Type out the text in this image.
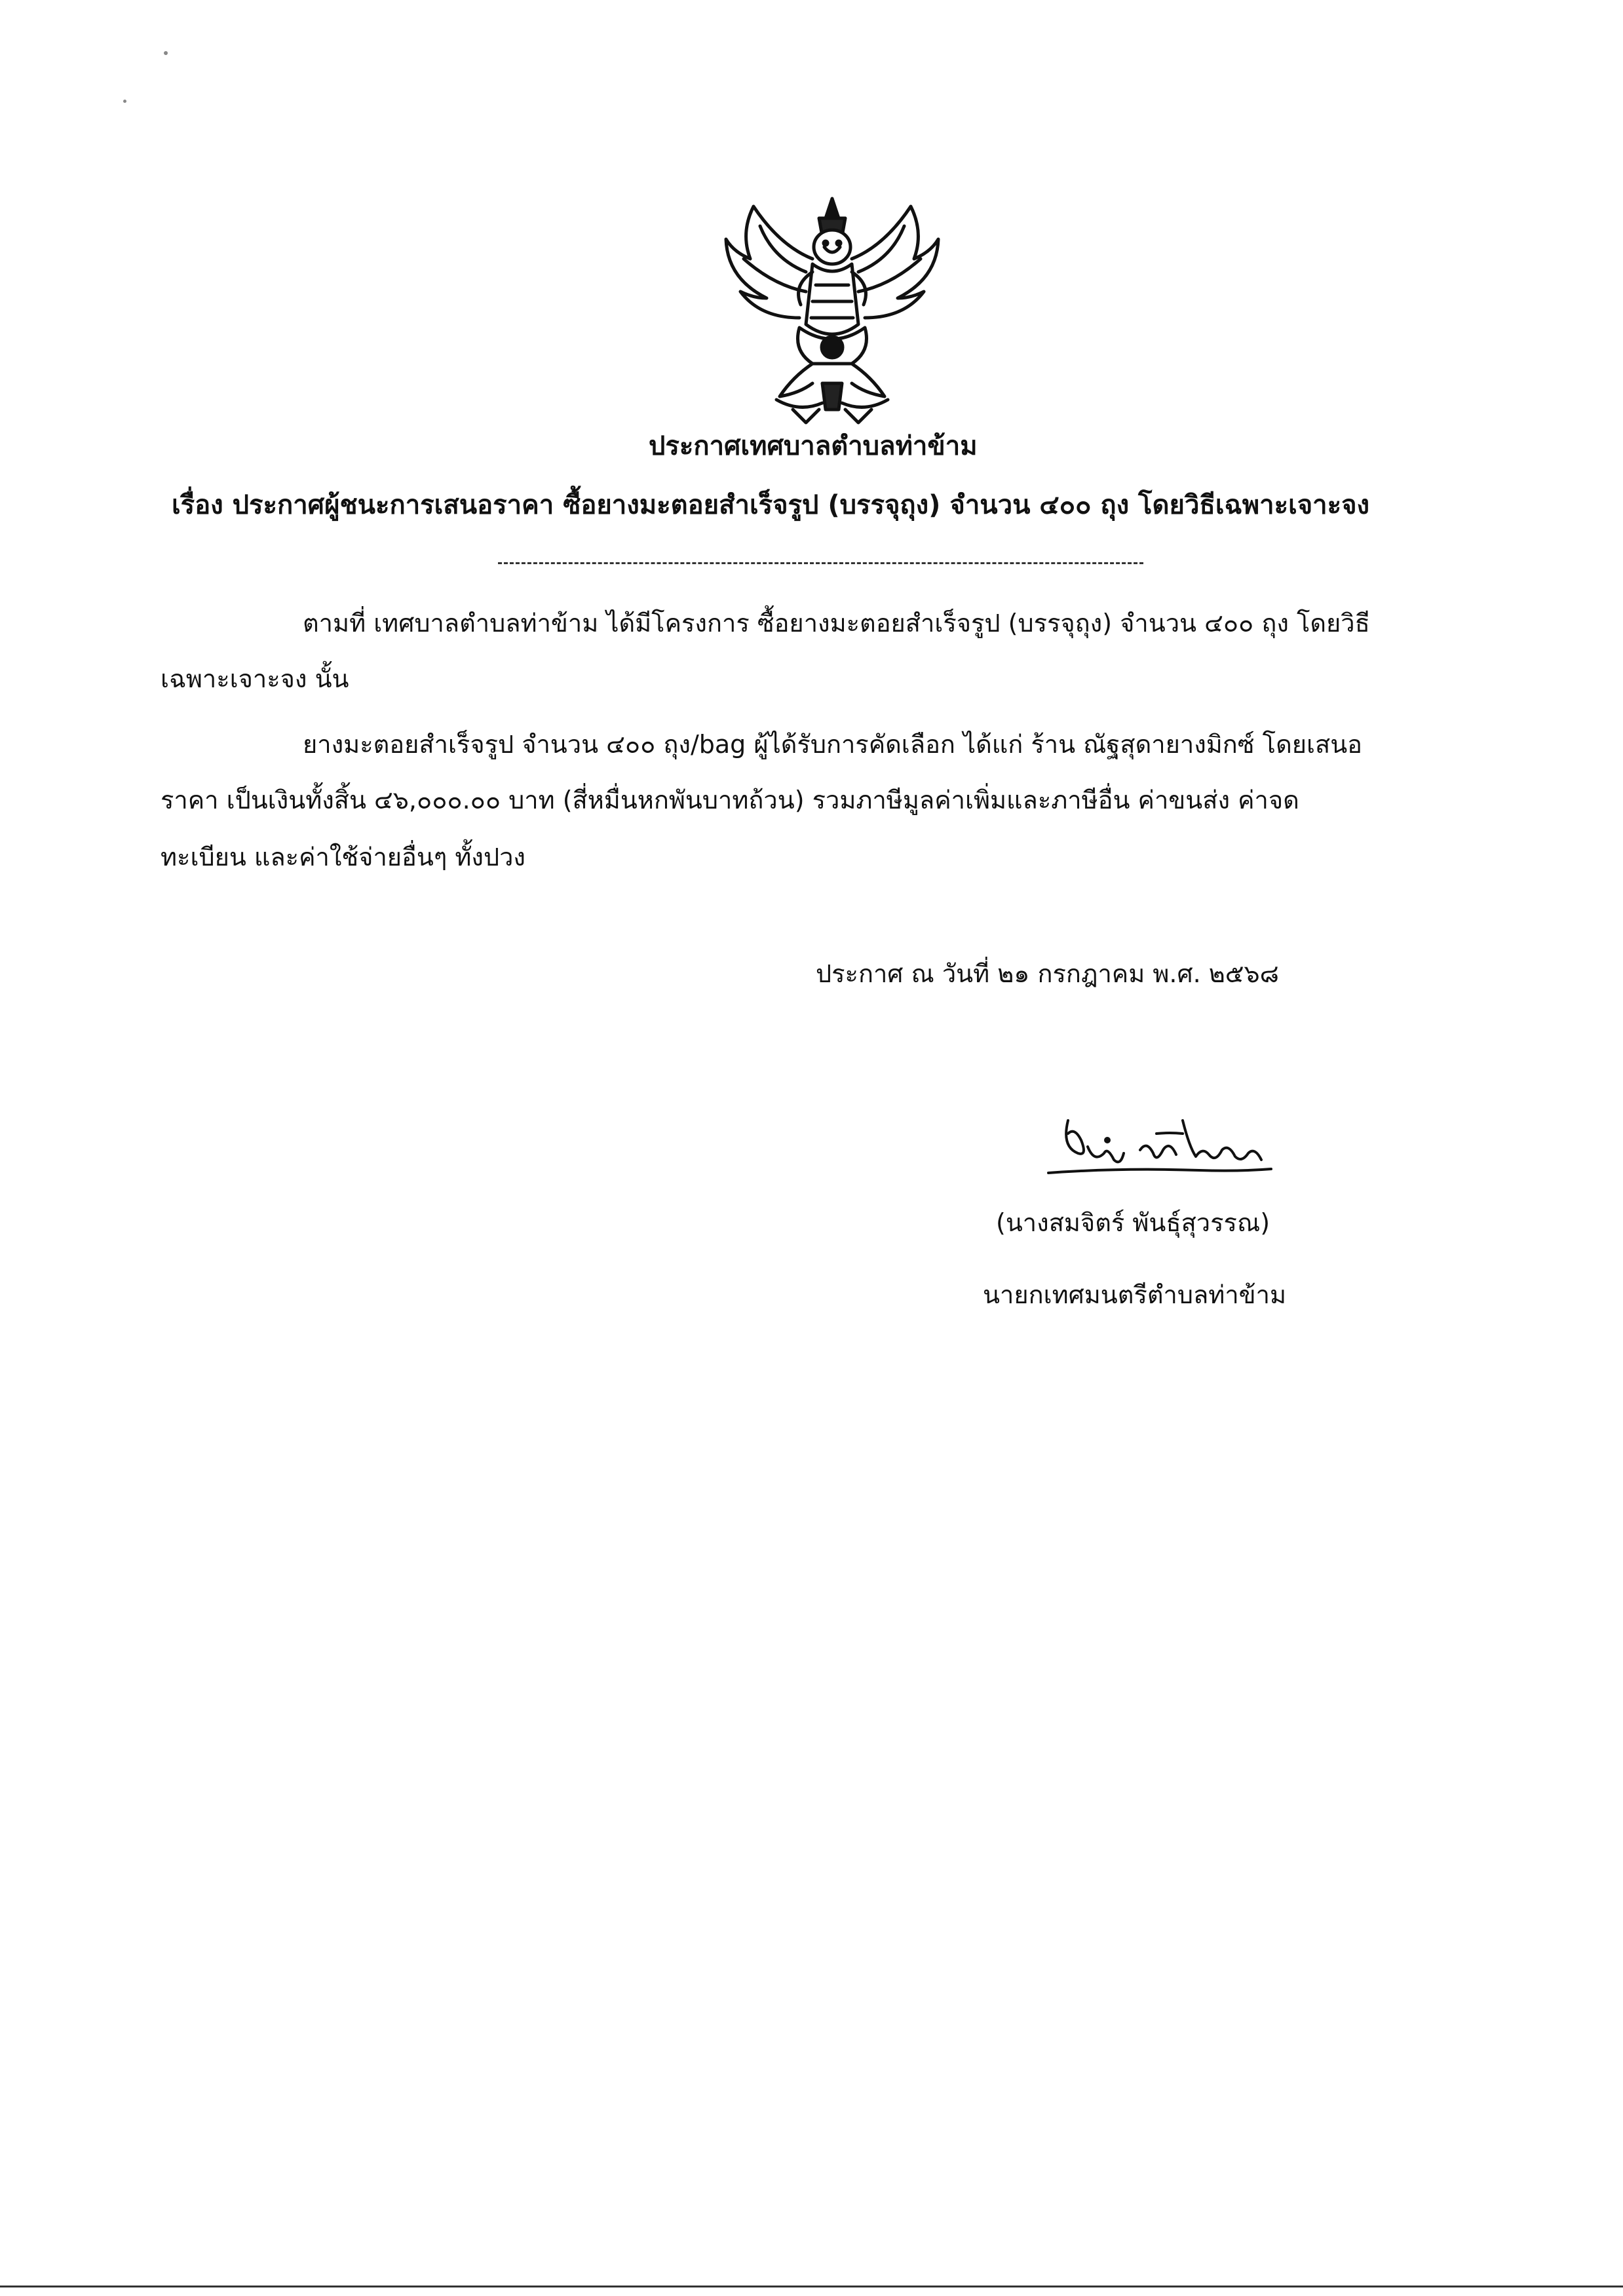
ประกาศเทศบาลตำบลท่าข้าม
เรื่อง ประกาศผู้ชนะการเสนอราคา ซื้อยางมะตอยสำเร็จรูป (บรรจุถุง) จำนวน ๔๐๐ ถุง โดยวิธีเฉพาะเจาะจง
ตามที่ เทศบาลตำบลท่าข้าม ได้มีโครงการ ซื้อยางมะตอยสำเร็จรูป (บรรจุถุง) จำนวน ๔๐๐ ถุง โดยวิธี
เฉพาะเจาะจง นั้น
ยางมะตอยสำเร็จรูป จำนวน ๔๐๐ ถุง/bag ผู้ได้รับการคัดเลือก ได้แก่ ร้าน ณัฐสุดายางมิกซ์ โดยเสนอ
ราคา เป็นเงินทั้งสิ้น ๔๖,๐๐๐.๐๐ บาท (สี่หมื่นหกพันบาทถ้วน) รวมภาษีมูลค่าเพิ่มและภาษีอื่น ค่าขนส่ง ค่าจด
ทะเบียน และค่าใช้จ่ายอื่นๆ ทั้งปวง
ประกาศ ณ วันที่ ๒๑ กรกฎาคม พ.ศ. ๒๕๖๘
(นางสมจิตร์ พันธุ์สุวรรณ)
นายกเทศมนตรีตำบลท่าข้าม
